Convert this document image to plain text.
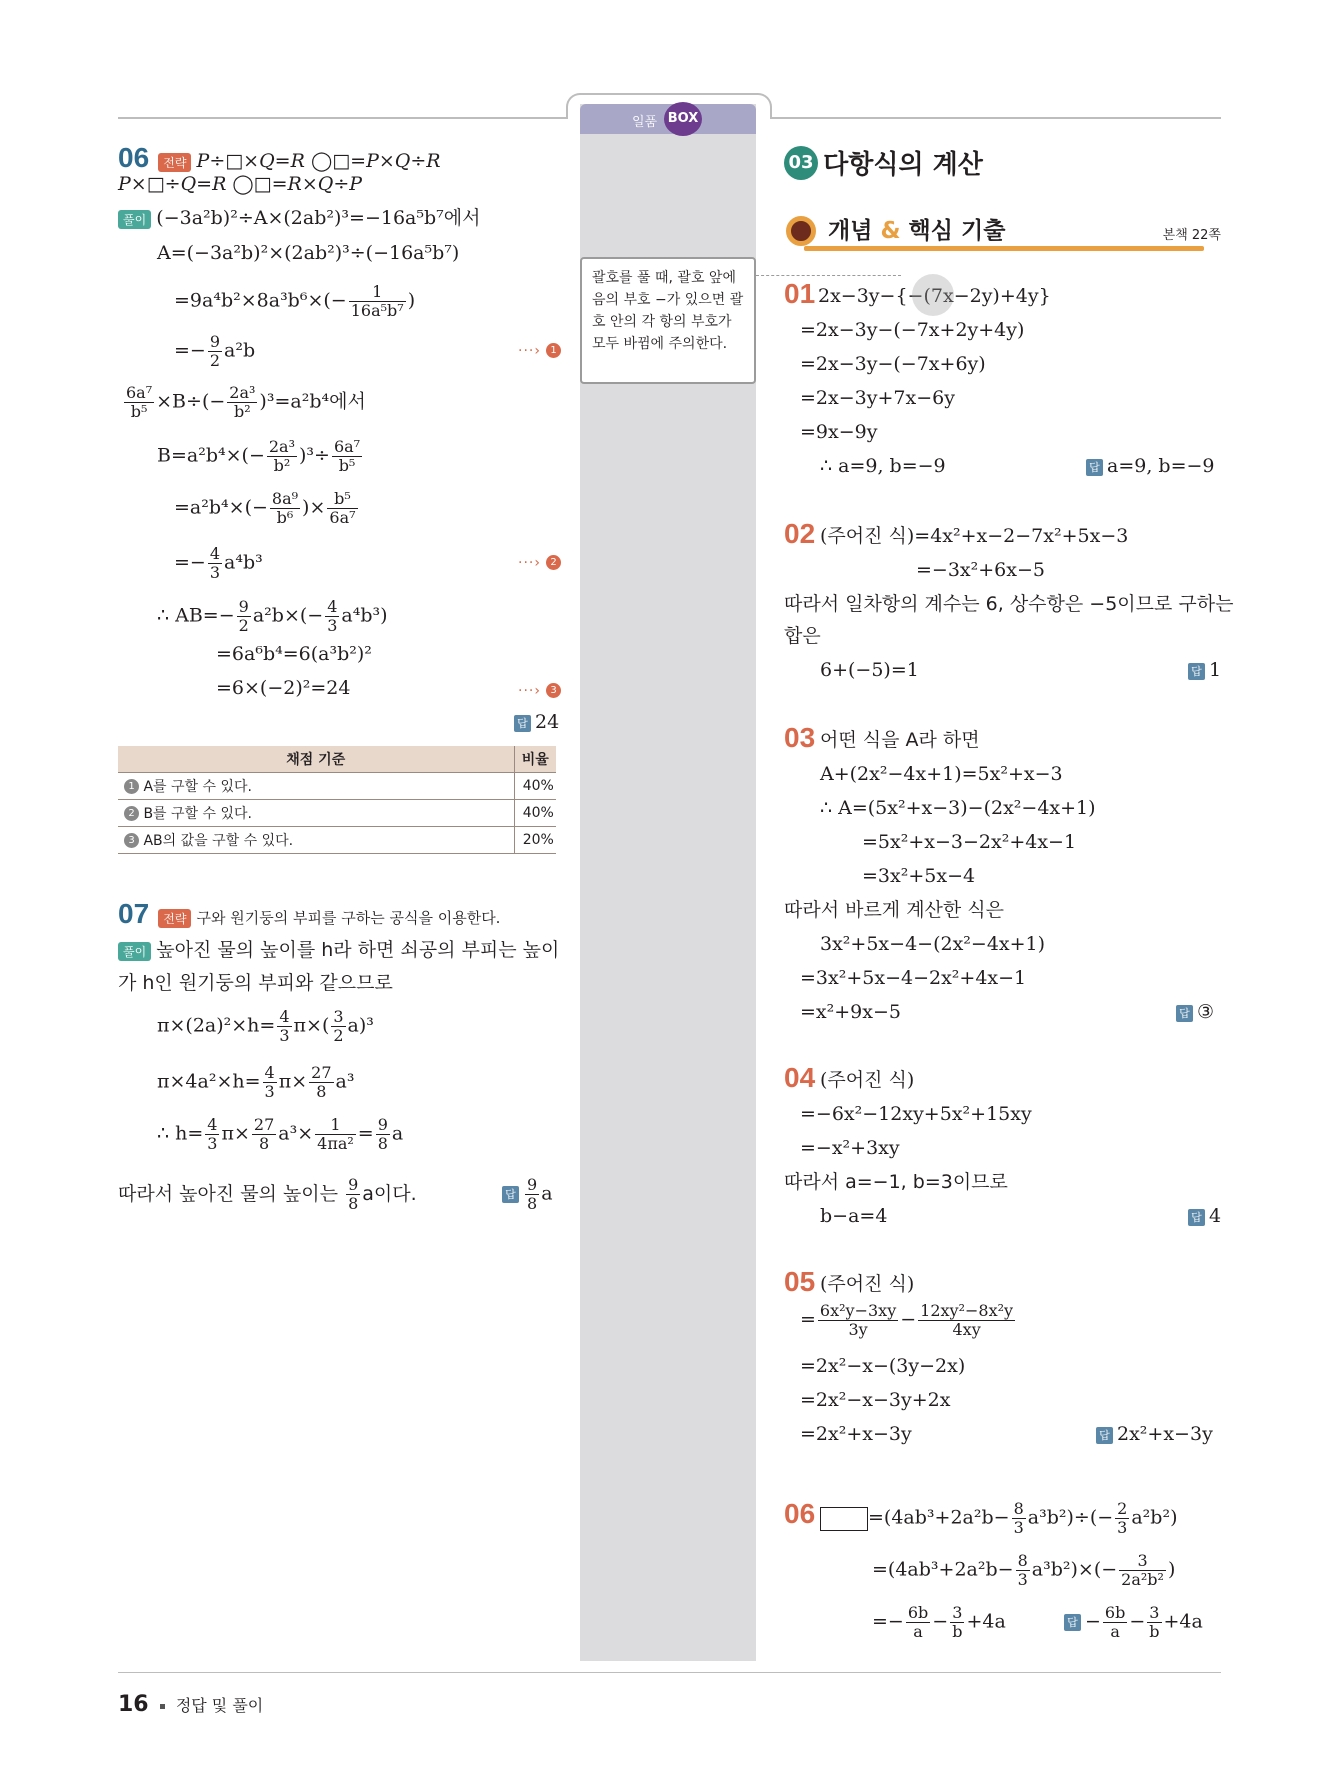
일품 BOX
괄호를 풀 때, 괄호 앞에 음의 부호 −가 있으면 괄호 안의 각 항의 부호가 모두 바뀜에 주의한다.
06 전략 P÷□×Q=R ◯□=P×Q÷R
P×□÷Q=R ◯□=R×Q÷P
풀이 (−3a²b)²÷A×(2ab²)³=−16a⁵b⁷에서
A=(−3a²b)²×(2ab²)³÷(−16a⁵b⁷)
$=9a^4b^2\times 8a^3b^6\times(- \frac{1}{\text{16a⁵b⁷}}$ )
=− $\frac{9}{2} a^2b$	···› 1
$\frac{\text{6a⁷}}{\text{b⁵}} \times B\div(- \frac{\text{2a³}}{\text{b²}} )^3=a^2b^4$에서
$B=a^2b^4\times(- \frac{\text{2a³}}{\text{b²}} )^3\div \frac{\text{6a⁷}}{\text{b⁵}}$
$=a^2b^4\times(- \frac{\text{8a⁹}}{\text{b⁶}}$ )× $\frac{\text{b⁵}}{\text{6a⁷}}$
=− $\frac{4}{3} a^4b^3$	···› 2
∴ $AB=- \frac{9}{2} a^2b\times(- \frac{4}{3} a^4b^3)$
=6a⁶b⁴=6(a³b²)²
=6×(−2)²=24	···› 3
답 24
채점 기준	비율
1 A를 구할 수 있다.	40%
2 B를 구할 수 있다.	40%
3 AB의 값을 구할 수 있다.	20%
07 전략 구와 원기둥의 부피를 구하는 공식을 이용한다.
풀이 높아진 물의 높이를 h라 하면 쇠공의 부피는 높이
가 h인 원기둥의 부피와 같으므로
$\pi\times(2a)^2\times h= \frac{4}{3} \pi\times( \frac{3}{2} a)^3$
$\pi\times 4a^2\times h= \frac{4}{3} \pi\times \frac{27}{8} a^3$
∴ $h= \frac{4}{3} \pi\times \frac{27}{8} a^3\times \frac{1}{\text{4πa²}} = \frac{9}{8}$ a
따라서 높아진 물의 높이는 $\frac{9}{8}$ a이다.	답 $\frac{9}{8}$ a
03 다항식의 계산
개념 & 핵심 기출	본책 22쪽
01 2x−3y−{−(7x−2y)+4y}
=2x−3y−(−7x+2y+4y)
=2x−3y−(−7x+6y)
=2x−3y+7x−6y
=9x−9y
∴ a=9, b=−9	답 a=9, b=−9
02 (주어진 식)=4x²+x−2−7x²+5x−3
=−3x²+6x−5
따라서 일차항의 계수는 6, 상수항은 −5이므로 구하는
합은
6+(−5)=1	답 1
03 어떤 식을 A라 하면
A+(2x²−4x+1)=5x²+x−3
∴ A=(5x²+x−3)−(2x²−4x+1)
=5x²+x−3−2x²+4x−1
=3x²+5x−4
따라서 바르게 계산한 식은
3x²+5x−4−(2x²−4x+1)
=3x²+5x−4−2x²+4x−1
=x²+9x−5	답 ③
04 (주어진 식)
=−6x²−12xy+5x²+15xy
=−x²+3xy
따라서 a=−1, b=3이므로
b−a=4	답 4
05 (주어진 식)
= $\frac{\text{6x²y−3xy}}{3y} - \frac{\text{12xy²−8x²y}}{4xy}$
=2x²−x−(3y−2x)
=2x²−x−3y+2x
=2x²+x−3y	답 2x²+x−3y
06	$=(4ab^3+2a^2b- \frac{8}{3} a^3b^2)\div(- \frac{2}{3} a^2b^2)$
$=(4ab^3+2a^2b- \frac{8}{3} a^3b^2)\times(- \frac{3}{\text{2a²b²}}$ )
=− $\frac{6b}{a} - \frac{3}{b} +4a$	답 − $\frac{6b}{a} - \frac{3}{b} +4a$
16 정답 및 풀이
